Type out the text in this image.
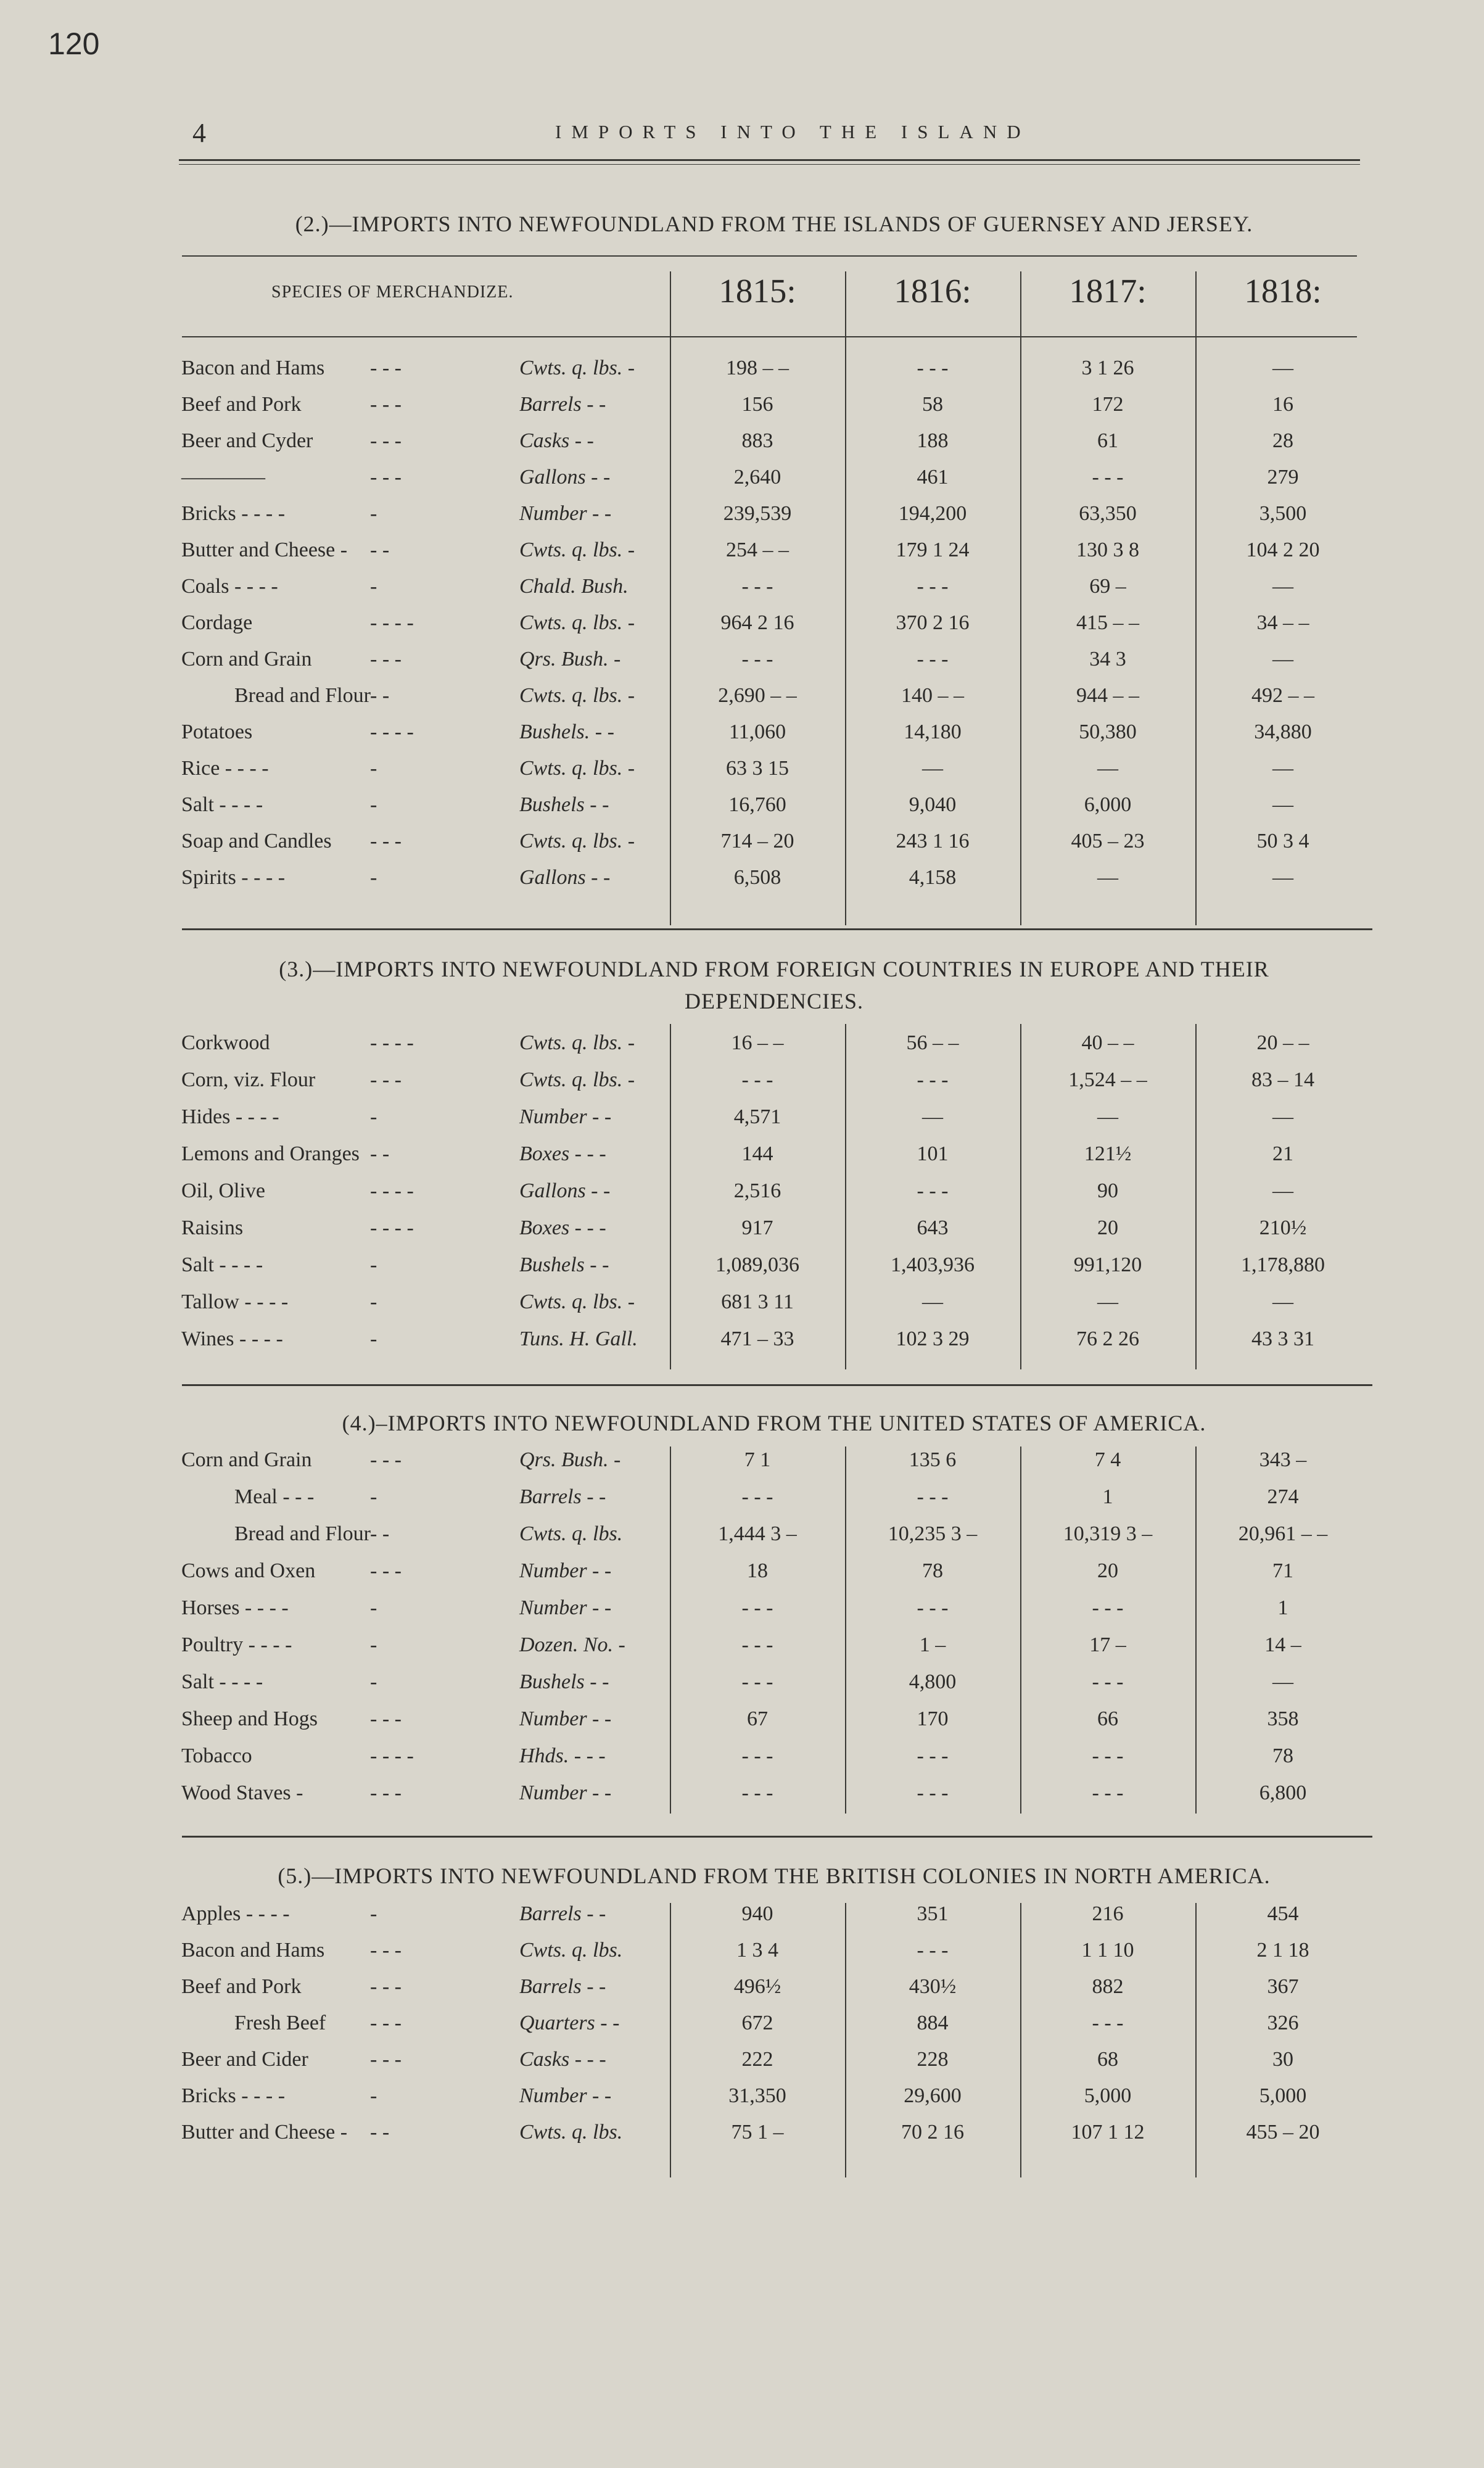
120
4	IMPORTS INTO THE ISLAND
(2.)—IMPORTS INTO NEWFOUNDLAND FROM THE ISLANDS OF GUERNSEY AND JERSEY.
SPECIES OF MERCHANDIZE.	1815:	1816:	1817:	1818:
Bacon and Hams - - -	Cwts. q. lbs. -	198 – –	- - -	3 1 26	—
Beef and Pork	- - -	Barrels - -	156	58	172	16
Beer and Cyder	- - -	Casks - -	883	188	61	28
————	- - -	Gallons - -	2,640	461	- - -	279
Bricks - - - -	-	Number - -	239,539	194,200	63,350	3,500
Butter and Cheese - - -	Cwts. q. lbs. -	254 – –	179 1 24	130 3 8	104 2 20
Coals - - - -	-	Chald. Bush.	- - -	- - -	69 –	—
Cordage	- - - -	Cwts. q. lbs. -	964 2 16	370 2 16	415 – –	34 – –
Corn and Grain	- - -	Qrs. Bush. -	- - -	- - -	34 3	—
Bread and Flour - -	Cwts. q. lbs. -	2,690 – –	140 – –	944 – –	492 – –
Potatoes	- - - -	Bushels. - -	11,060	14,180	50,380	34,880
Rice - - - -	-	Cwts. q. lbs. -	63 3 15	—	—	—
Salt - - - -	-	Bushels - -	16,760	9,040	6,000	—
Soap and Candles - - -	Cwts. q. lbs. -	714 – 20	243 1 16	405 – 23	50 3 4
Spirits - - - -	-	Gallons - -	6,508	4,158	—	—
(3.)—IMPORTS INTO NEWFOUNDLAND FROM FOREIGN COUNTRIES IN EUROPE AND THEIR
DEPENDENCIES.
Corkwood	- - - -	Cwts. q. lbs. -	16 – –	56 – –	40 – –	20 – –
Corn, viz. Flour	- - -	Cwts. q. lbs. -	- - -	- - -	1,524 – –	83 – 14
Hides - - - -	-	Number - -	4,571	—	—	—
Lemons and Oranges - -	Boxes - - -	144	101	121½	21
Oil, Olive	- - - -	Gallons - -	2,516	- - -	90	—
Raisins	- - - -	Boxes - - -	917	643	20	210½
Salt - - - -	-	Bushels - -	1,089,036	1,403,936	991,120	1,178,880
Tallow - - - -	-	Cwts. q. lbs. -	681 3 11	—	—	—
Wines - - - -	-	Tuns. H. Gall.	471 – 33	102 3 29	76 2 26	43 3 31
(4.)–IMPORTS INTO NEWFOUNDLAND FROM THE UNITED STATES OF AMERICA.
Corn and Grain	- - -	Qrs. Bush. -	7 1	135 6	7 4	343 –
Meal - - -	-	Barrels - -	- - -	- - -	1	274
Bread and Flour - -	Cwts. q. lbs.	1,444 3 –	10,235 3 –	10,319 3 –	20,961 – –
Cows and Oxen	- - -	Number - -	18	78	20	71
Horses - - - -	-	Number - -	- - -	- - -	- - -	1
Poultry - - - -	-	Dozen. No. -	- - -	1 –	17 –	14 –
Salt - - - -	-	Bushels - -	- - -	4,800	- - -	—
Sheep and Hogs	- - -	Number - -	67	170	66	358
Tobacco	- - - -	Hhds. - - -	- - -	- - -	- - -	78
Wood Staves -	- - -	Number - -	- - -	- - -	- - -	6,800
(5.)—IMPORTS INTO NEWFOUNDLAND FROM THE BRITISH COLONIES IN NORTH AMERICA.
Apples - - - -	-	Barrels - -	940	351	216	454
Bacon and Hams - - -	Cwts. q. lbs.	1 3 4	- - -	1 1 10	2 1 18
Beef and Pork	- - -	Barrels - -	496½	430½	882	367
Fresh Beef - - -	Quarters - -	672	884	- - -	326
Beer and Cider	- - -	Casks - - -	222	228	68	30
Bricks - - - -	-	Number - -	31,350	29,600	5,000	5,000
Butter and Cheese - - -	Cwts. q. lbs.	75 1 –	70 2 16	107 1 12	455 – 20
